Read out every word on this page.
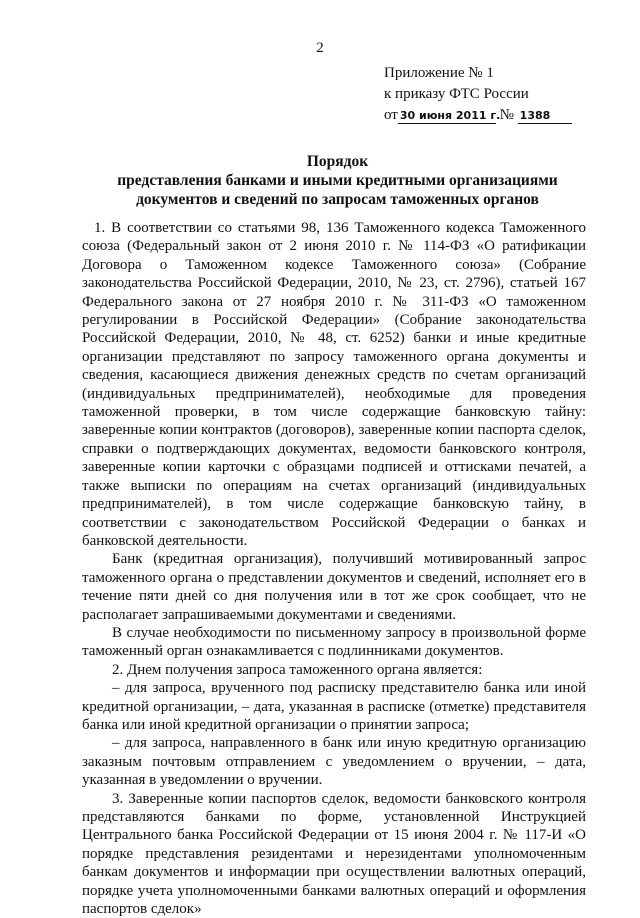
2
Приложение № 1
к приказу ФТС России
от 30 июня 2011 г. № 1388
Порядок
представления банками и иными кредитными организациями
документов и сведений по запросам таможенных органов

1. В соответствии со статьями 98, 136 Таможенного кодекса Таможенного союза (Федеральный закон от 2 июня 2010 г. № 114-ФЗ «О ратификации Договора о Таможенном кодексе Таможенного союза» (Собрание законодательства Российской Федерации, 2010, № 23, ст. 2796), статьей 167 Федерального закона от 27 ноября 2010 г. № 311-ФЗ «О таможенном регулировании в Российской Федерации» (Собрание законодательства Российской Федерации, 2010, № 48, ст. 6252) банки и иные кредитные организации представляют по запросу таможенного органа документы и сведения, касающиеся движения денежных средств по счетам организаций (индивидуальных предпринимателей), необходимые для проведения таможенной проверки, в том числе содержащие банковскую тайну: заверенные копии контрактов (договоров), заверенные копии паспорта сделок, справки о подтверждающих документах, ведомости банковского контроля, заверенные копии карточки с образцами подписей и оттисками печатей, а также выписки по операциям на счетах организаций (индивидуальных предпринимателей), в том числе содержащие банковскую тайну, в соответствии с законодательством Российской Федерации о банках и банковской деятельности.

Банк (кредитная организация), получивший мотивированный запрос таможенного органа о представлении документов и сведений, исполняет его в течение пяти дней со дня получения или в тот же срок сообщает, что не располагает запрашиваемыми документами и сведениями.

В случае необходимости по письменному запросу в произвольной форме таможенный орган ознакамливается с подлинниками документов.

2. Днем получения запроса таможенного органа является:

– для запроса, врученного под расписку представителю банка или иной кредитной организации, – дата, указанная в расписке (отметке) представителя банка или иной кредитной организации о принятии запроса;

– для запроса, направленного в банк или иную кредитную организацию заказным почтовым отправлением с уведомлением о вручении, – дата, указанная в уведомлении о вручении.

3. Заверенные копии паспортов сделок, ведомости банковского контроля представляются банками по форме, установленной Инструкцией Центрального банка Российской Федерации от 15 июня 2004 г. № 117-И «О порядке представления резидентами и нерезидентами уполномоченным банкам документов и информации при осуществлении валютных операций, порядке учета уполномоченными банками валютных операций и оформления паспортов сделок»
